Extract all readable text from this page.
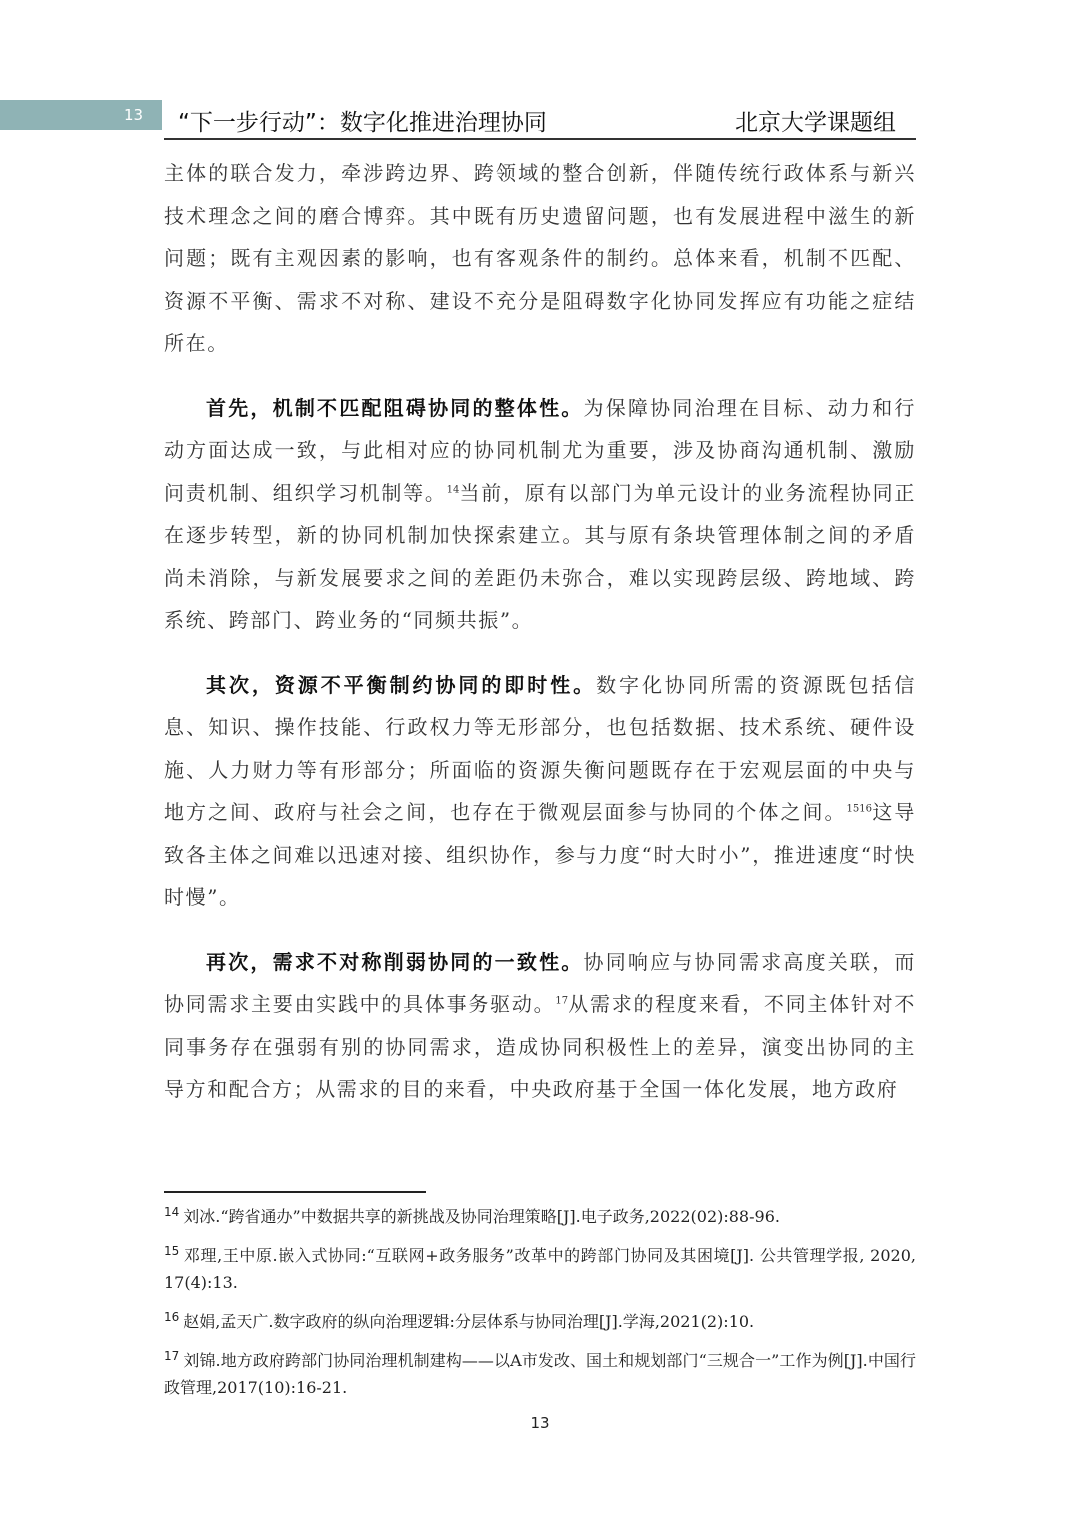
13	“下一步行动”：数字化推进治理协同	北京大学课题组

主体的联合发力，牵涉跨边界、跨领域的整合创新，伴随传统行政体系与新兴技术理念之间的磨合博弈。其中既有历史遗留问题，也有发展进程中滋生的新问题；既有主观因素的影响，也有客观条件的制约。总体来看，机制不匹配、资源不平衡、需求不对称、建设不充分是阻碍数字化协同发挥应有功能之症结所在。

首先，机制不匹配阻碍协同的整体性。为保障协同治理在目标、动力和行动方面达成一致，与此相对应的协同机制尤为重要，涉及协商沟通机制、激励问责机制、组织学习机制等。$^{14}$当前，原有以部门为单元设计的业务流程协同正在逐步转型，新的协同机制加快探索建立。其与原有条块管理体制之间的矛盾尚未消除，与新发展要求之间的差距仍未弥合，难以实现跨层级、跨地域、跨系统、跨部门、跨业务的“同频共振”。

其次，资源不平衡制约协同的即时性。数字化协同所需的资源既包括信息、知识、操作技能、行政权力等无形部分，也包括数据、技术系统、硬件设施、人力财力等有形部分；所面临的资源失衡问题既存在于宏观层面的中央与地方之间、政府与社会之间，也存在于微观层面参与协同的个体之间。$^{1516}$这导致各主体之间难以迅速对接、组织协作，参与力度“时大时小”，推进速度“时快时慢”。

再次，需求不对称削弱协同的一致性。协同响应与协同需求高度关联，而协同需求主要由实践中的具体事务驱动。$^{17}$从需求的程度来看，不同主体针对不同事务存在强弱有别的协同需求，造成协同积极性上的差异，演变出协同的主导方和配合方；从需求的目的来看，中央政府基于全国一体化发展，地方政府

$^{14}$ 刘冰.“跨省通办”中数据共享的新挑战及协同治理策略[J].电子政务,2022(02):88-96.

$^{15}$ 邓理,王中原.嵌入式协同:“互联网+政务服务”改革中的跨部门协同及其困境[J]. 公共管理学报, 2020, 17(4):13.

$^{16}$ 赵娟,孟天广.数字政府的纵向治理逻辑:分层体系与协同治理[J].学海,2021(2):10.

$^{17}$ 刘锦.地方政府跨部门协同治理机制建构——以A市发改、国土和规划部门“三规合一”工作为例[J].中国行政管理,2017(10):16-21.

13
